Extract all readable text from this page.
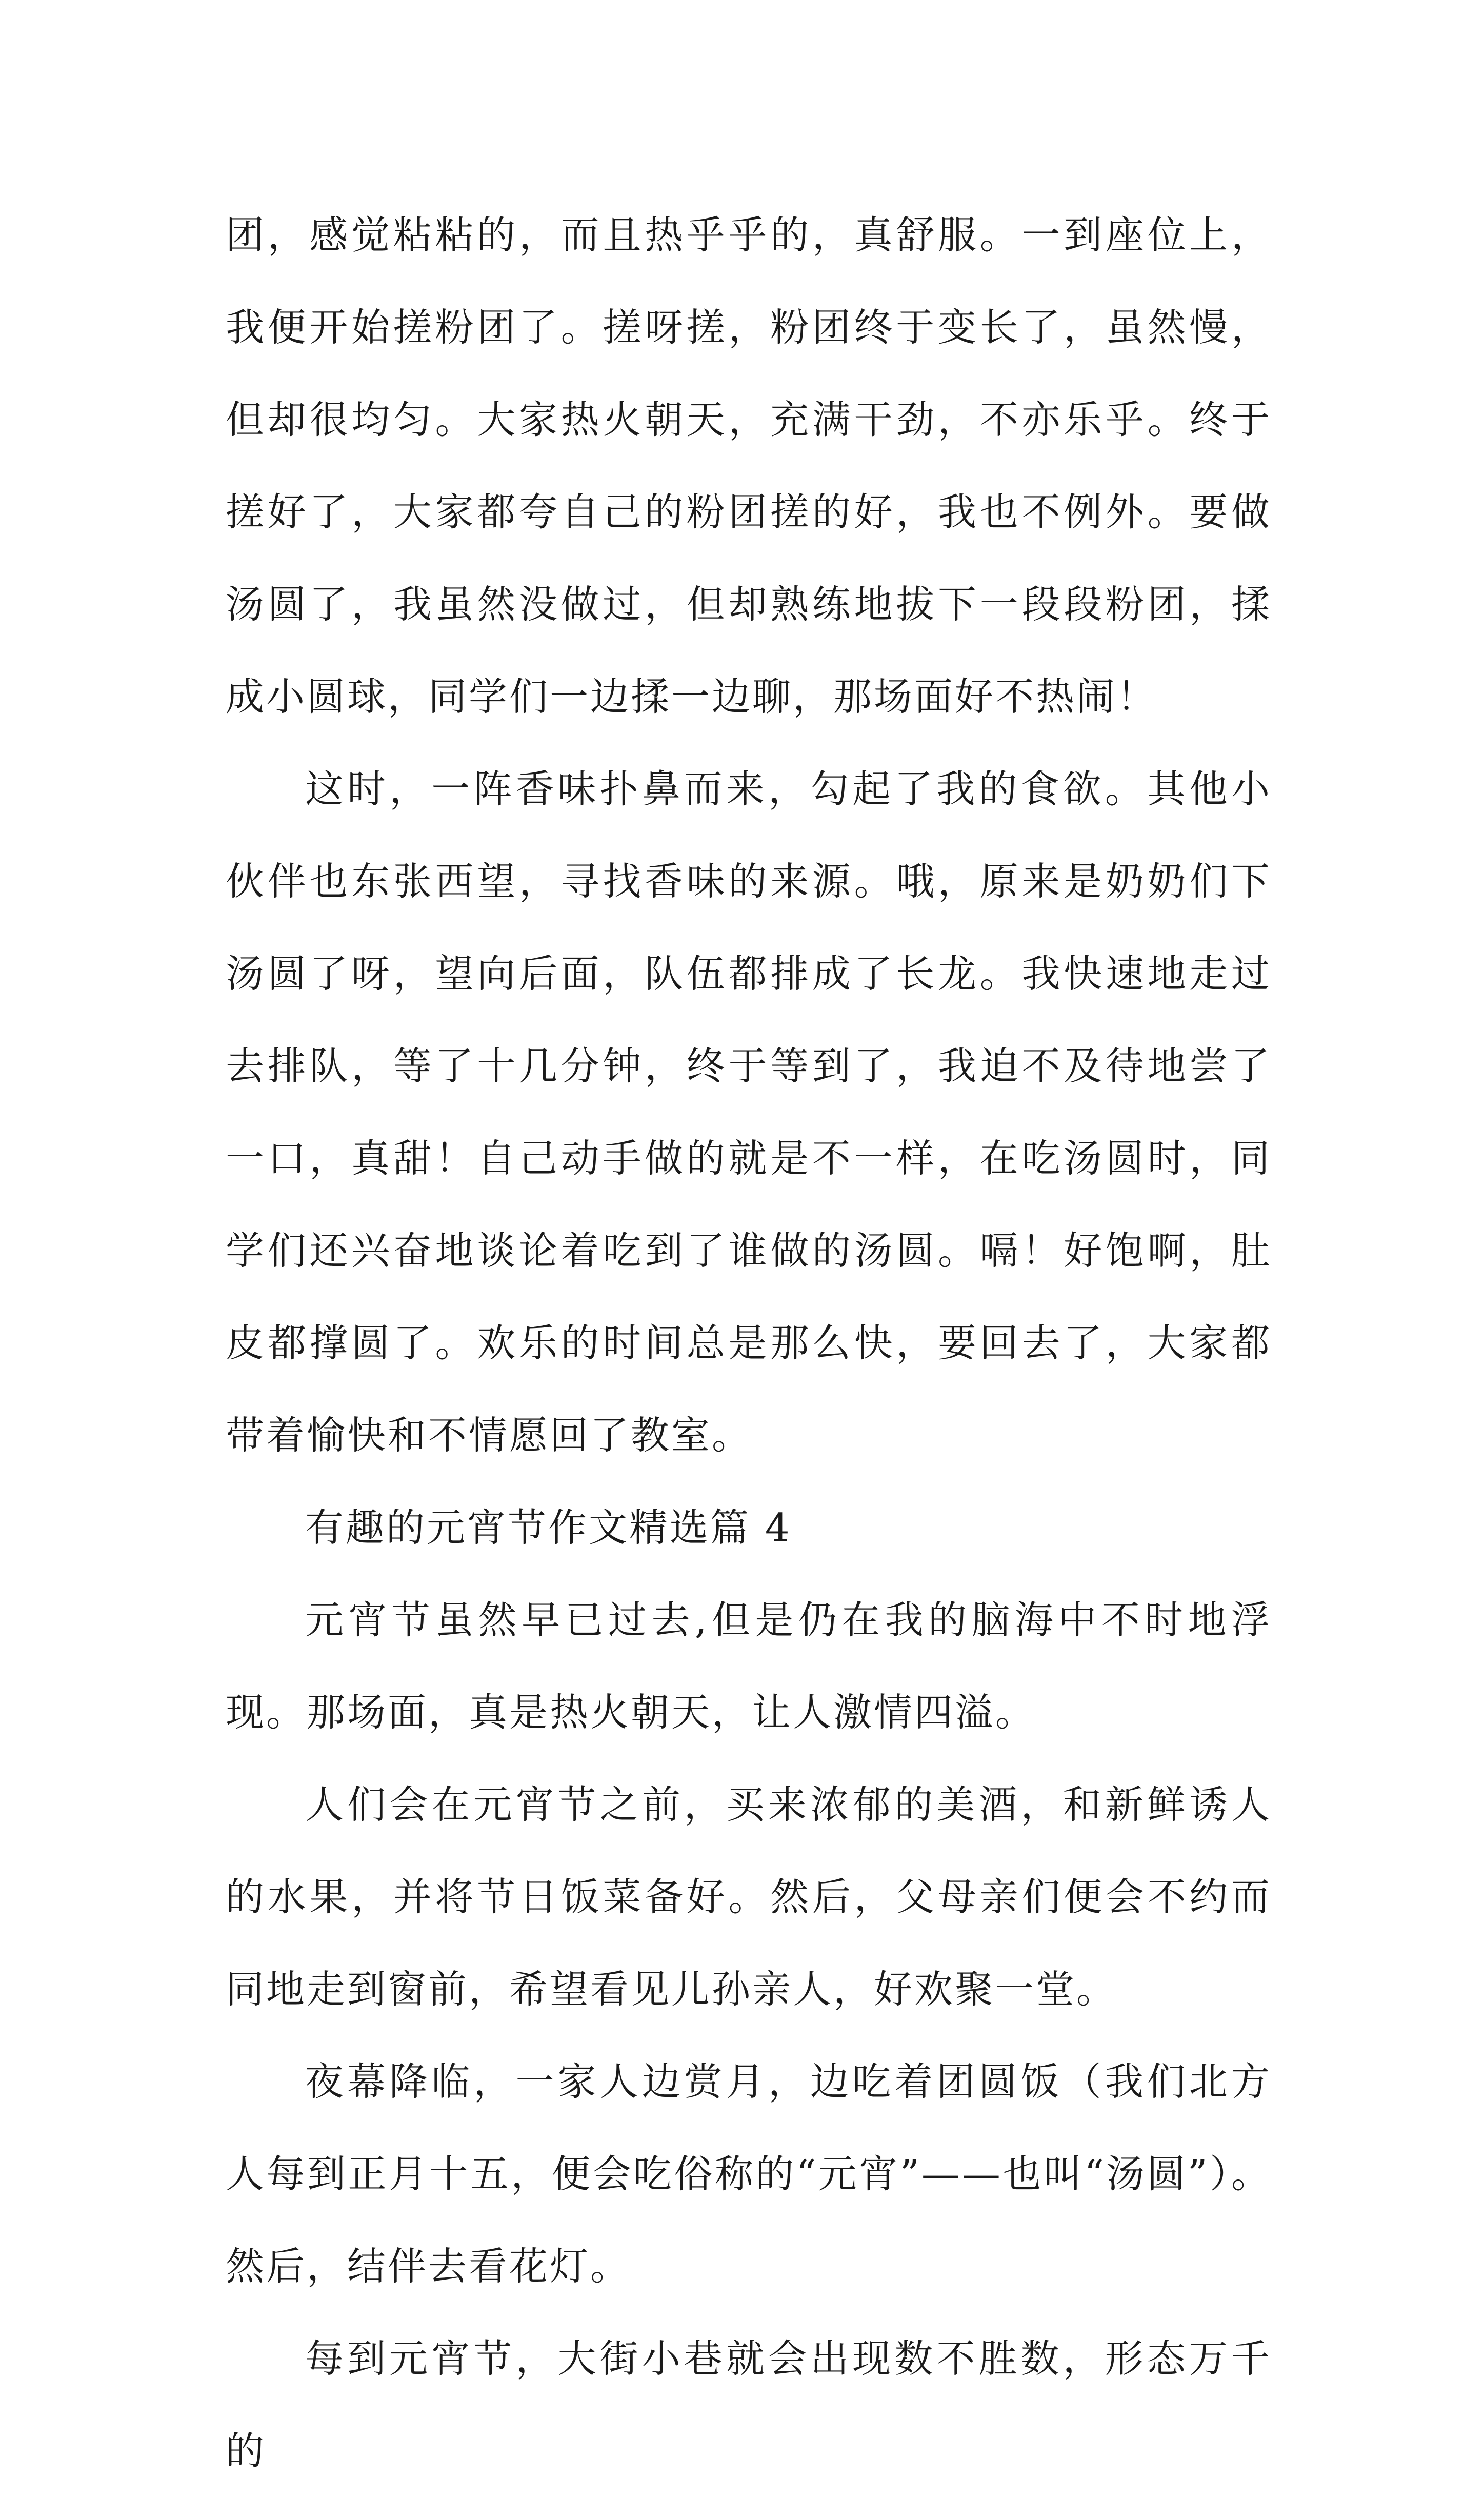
团，感觉粘粘的，而且热乎乎的，真舒服。一到座位上，我便开始搓粉团了。搓呀搓，粉团终于变长了，虽然慢，但却很均匀。大家热火朝天，充满干劲，不亦乐乎。终于搓好了，大家都夸自己的粉团搓的好，我也不例外。要做汤圆了，我虽然没做过，但却熟练地拔下一段段粉团，揉成小圆球，同学们一边揉一边聊，那场面好不热闹！

这时，一阵香味扑鼻而来，勾起了我的食欲。其他小伙伴也东张西望，寻找香味的来源。哦，原来是奶奶们下汤圆了呀，望向后面，队伍都排成了长龙。我快速地走过去排队，等了十几分钟，终于等到了，我迫不及待地尝了一口，真甜！自己动手做的就是不一样，在吃汤圆时，同学们还兴奋地谈论着吃到了谁做的汤圆。嗝！好饱啊，肚皮都撑圆了。欢乐的时间总是那么快，要回去了，大家都带着愉快和不情愿回了教室。

有趣的元宵节作文精选篇 4

元宵节虽然早已过去,但是仍在我的脑海中不时地浮现。那场面，真是热火朝天，让人激情四溢。

人们会在元宵节之前，买来浓郁的美酒，和新鲜诱人的水果，并将节日饭菜备好。然后，父母亲们便会不约而同地走到窗前，希望看见儿孙亲人，好欢聚一堂。

夜幕降临，一家人边赏月，边吃着团圆饭（我们北方人每到正月十五，便会吃俗称的“元宵”——也叫“汤圆”）。然后，结伴去看花灯。

每到元宵节，大街小巷就会出现数不胜数，形态万千的
